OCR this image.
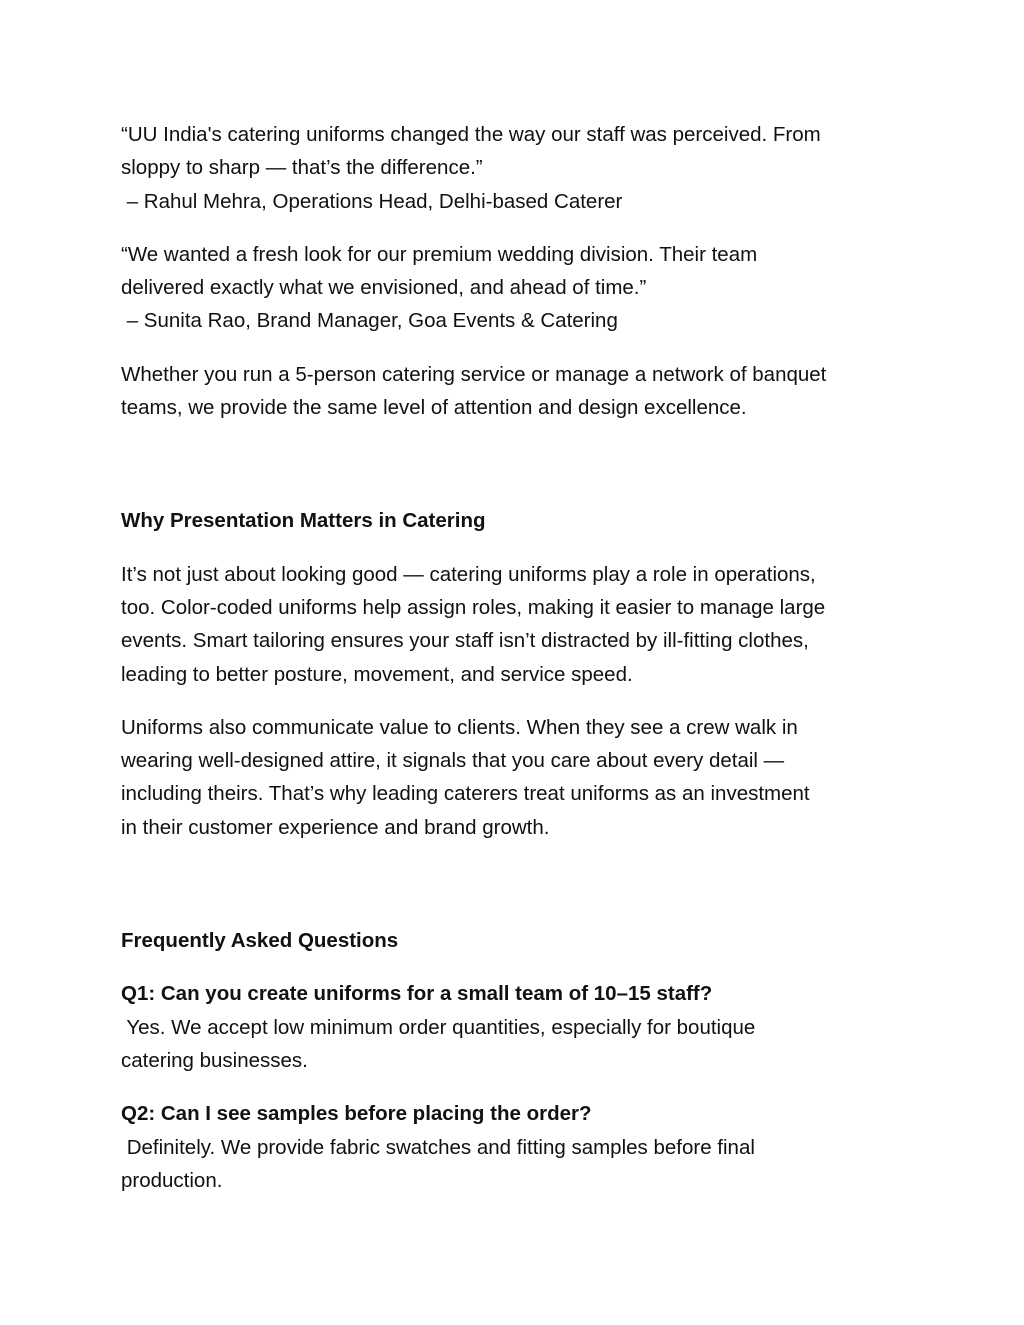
“UU India's catering uniforms changed the way our staff was perceived. From
sloppy to sharp — that’s the difference.”
– Rahul Mehra, Operations Head, Delhi-based Caterer

“We wanted a fresh look for our premium wedding division. Their team
delivered exactly what we envisioned, and ahead of time.”
– Sunita Rao, Brand Manager, Goa Events & Catering

Whether you run a 5-person catering service or manage a network of banquet
teams, we provide the same level of attention and design excellence.

Why Presentation Matters in Catering

It’s not just about looking good — catering uniforms play a role in operations,
too. Color-coded uniforms help assign roles, making it easier to manage large
events. Smart tailoring ensures your staff isn’t distracted by ill-fitting clothes,
leading to better posture, movement, and service speed.

Uniforms also communicate value to clients. When they see a crew walk in
wearing well-designed attire, it signals that you care about every detail —
including theirs. That’s why leading caterers treat uniforms as an investment
in their customer experience and brand growth.

Frequently Asked Questions

Q1: Can you create uniforms for a small team of 10–15 staff?
Yes. We accept low minimum order quantities, especially for boutique
catering businesses.

Q2: Can I see samples before placing the order?
Definitely. We provide fabric swatches and fitting samples before final
production.
